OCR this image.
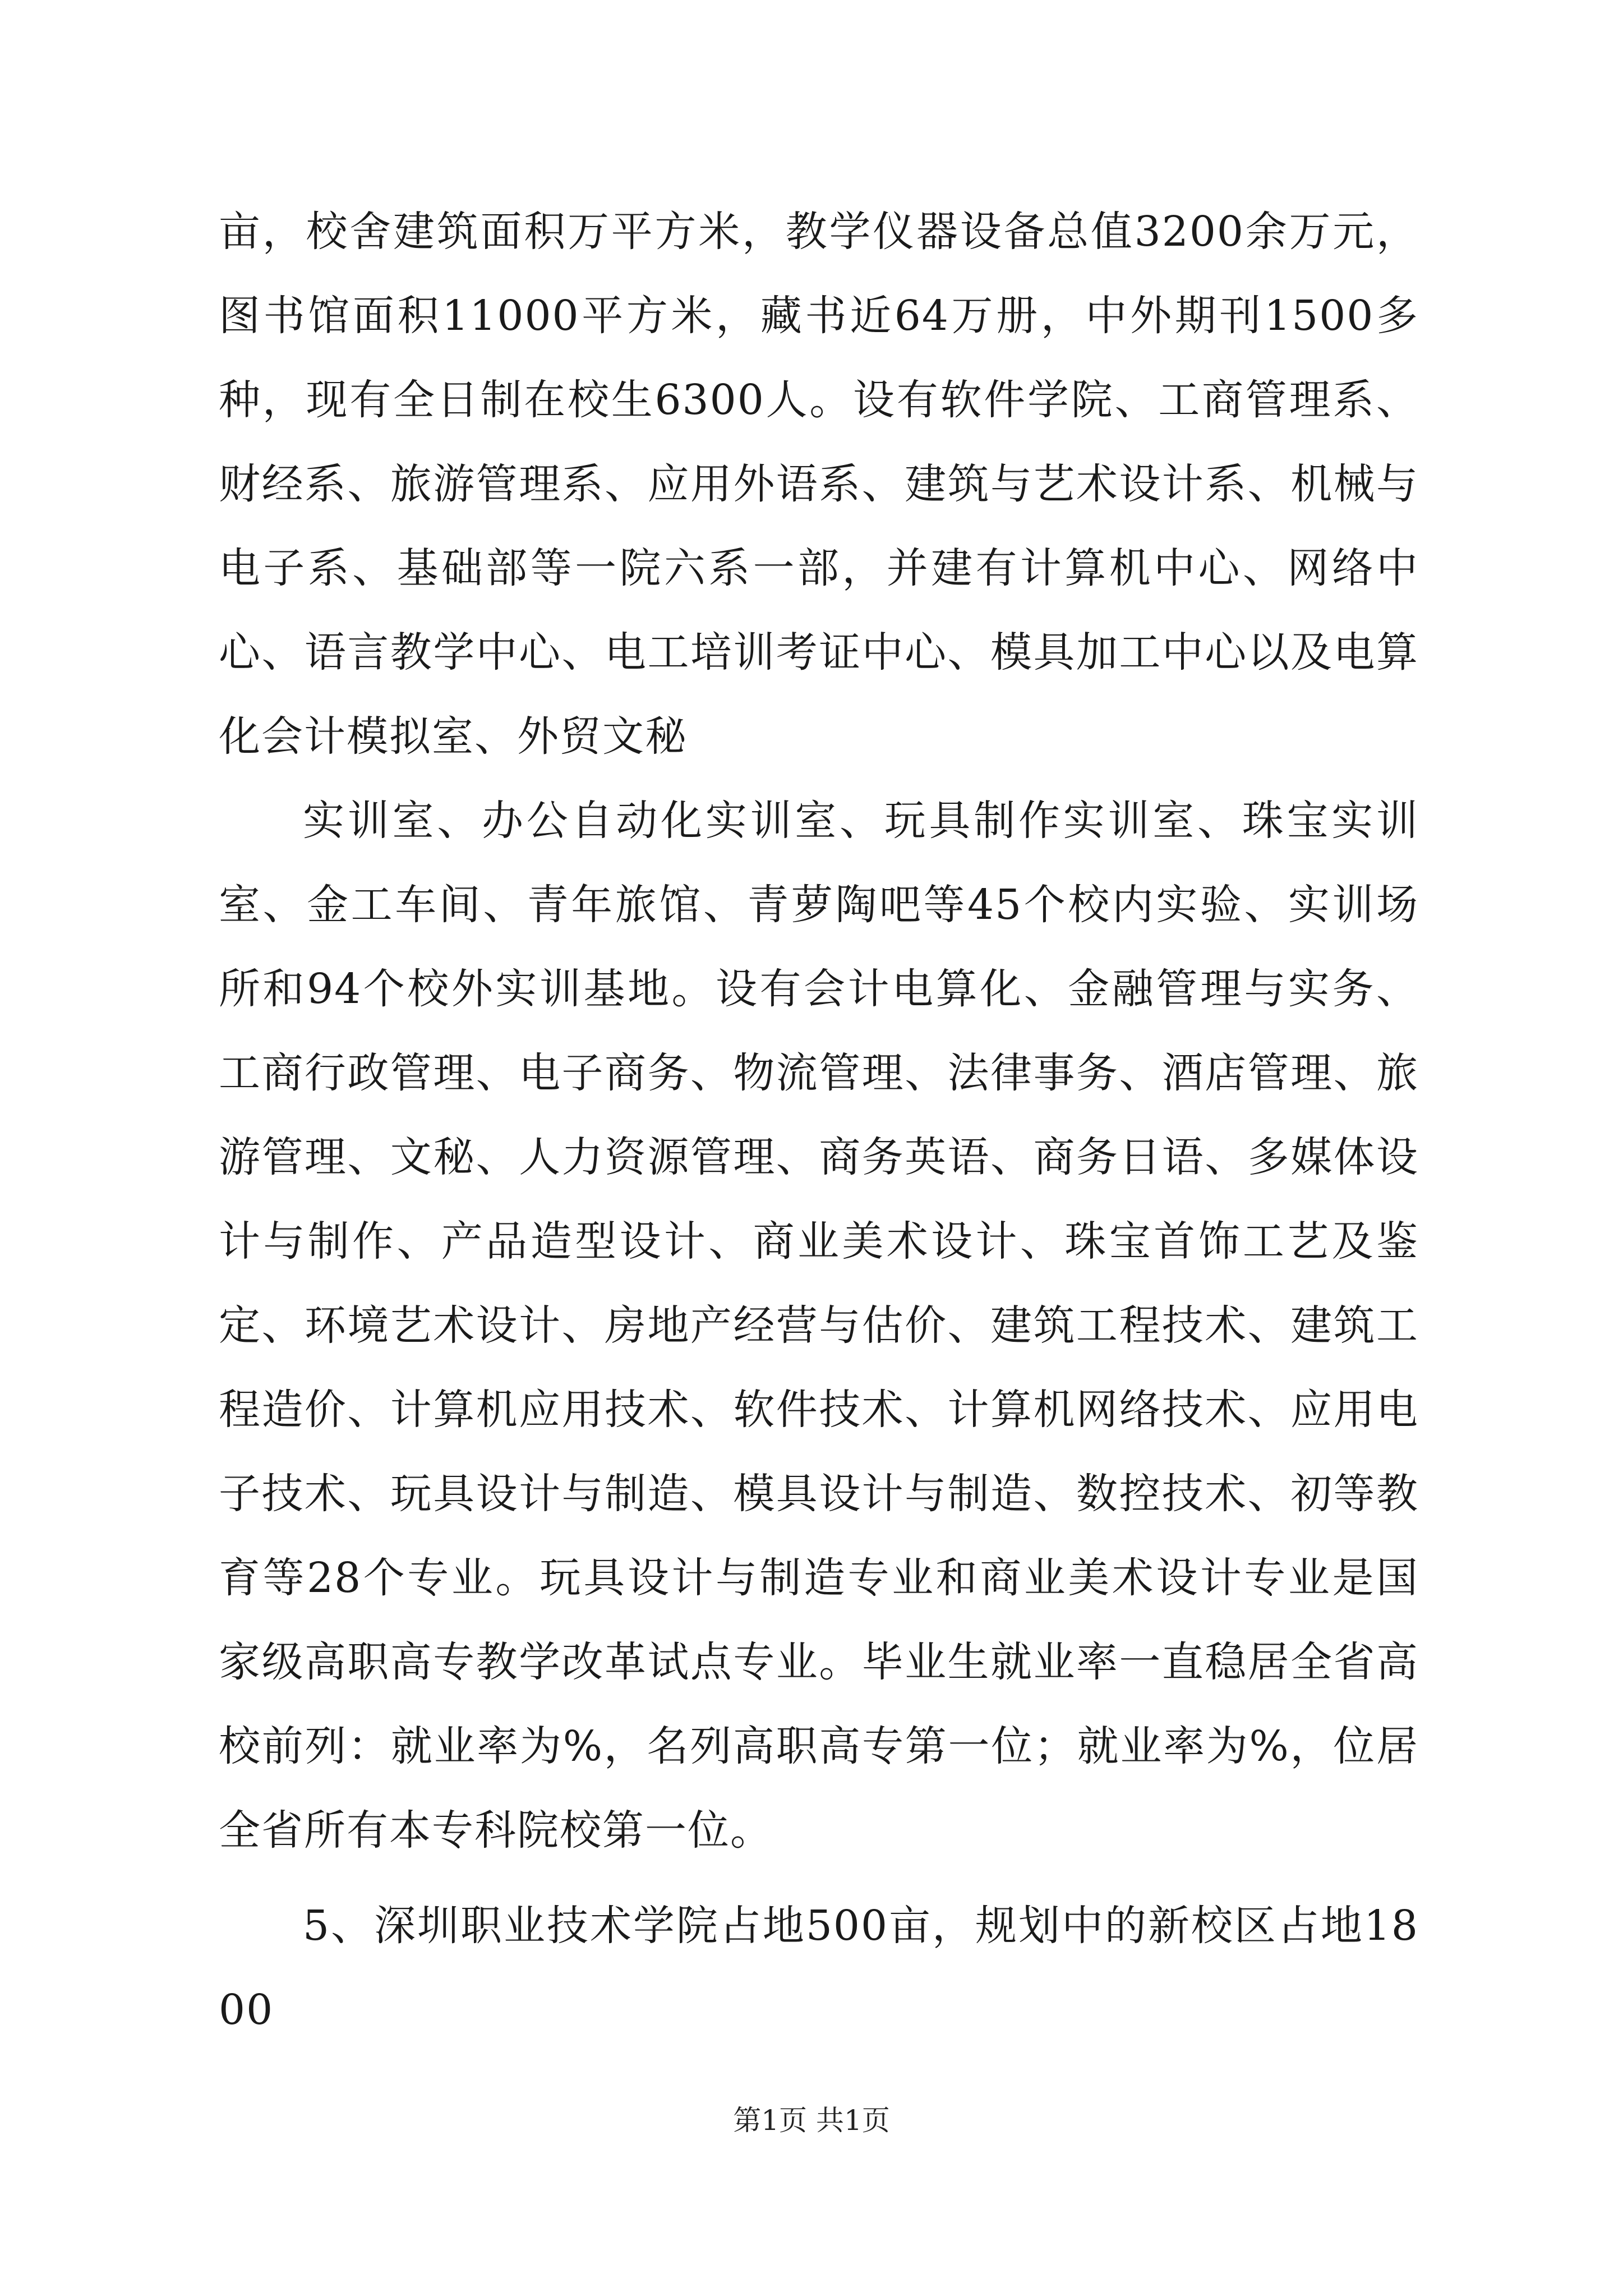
亩，校舍建筑面积万平方米，教学仪器设备总值3200余万元，图书馆面积11000平方米，藏书近64万册，中外期刊1500多种，现有全日制在校生6300人。设有软件学院、工商管理系、财经系、旅游管理系、应用外语系、建筑与艺术设计系、机械与电子系、基础部等一院六系一部，并建有计算机中心、网络中心、语言教学中心、电工培训考证中心、模具加工中心以及电算化会计模拟室、外贸文秘

实训室、办公自动化实训室、玩具制作实训室、珠宝实训室、金工车间、青年旅馆、青萝陶吧等45个校内实验、实训场所和94个校外实训基地。设有会计电算化、金融管理与实务、工商行政管理、电子商务、物流管理、法律事务、酒店管理、旅游管理、文秘、人力资源管理、商务英语、商务日语、多媒体设计与制作、产品造型设计、商业美术设计、珠宝首饰工艺及鉴定、环境艺术设计、房地产经营与估价、建筑工程技术、建筑工程造价、计算机应用技术、软件技术、计算机网络技术、应用电子技术、玩具设计与制造、模具设计与制造、数控技术、初等教育等28个专业。玩具设计与制造专业和商业美术设计专业是国家级高职高专教学改革试点专业。毕业生就业率一直稳居全省高校前列：就业率为%，名列高职高专第一位；就业率为%，位居全省所有本专科院校第一位。

5、深圳职业技术学院占地500亩，规划中的新校区占地1800

第1页 共1页
